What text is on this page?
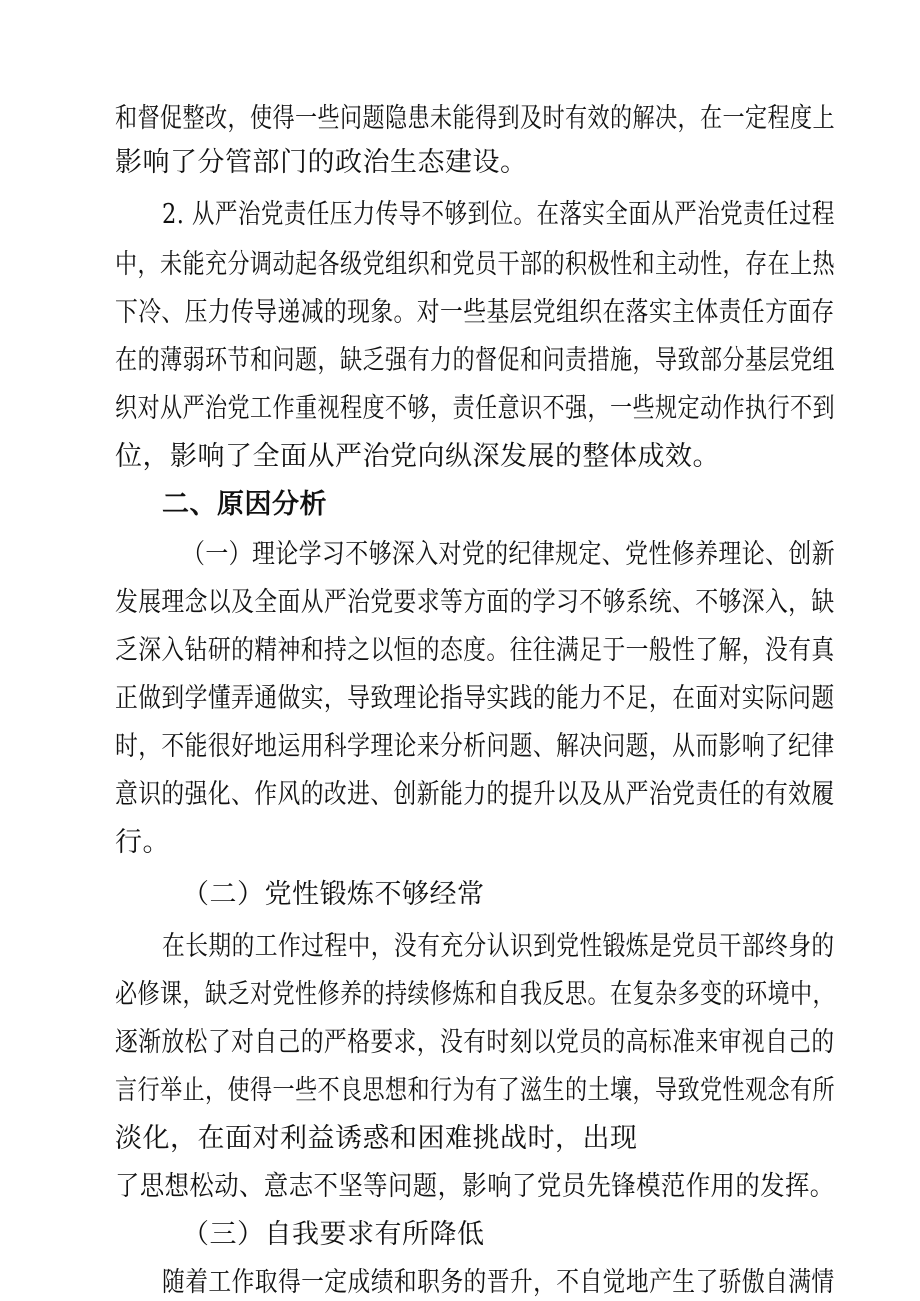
和督促整改，使得一些问题隐患未能得到及时有效的解决，在一定程度上
影响了分管部门的政治生态建设。
2. 从严治党责任压力传导不够到位。在落实全面从严治党责任过程
中，未能充分调动起各级党组织和党员干部的积极性和主动性，存在上热
下冷、压力传导递减的现象。对一些基层党组织在落实主体责任方面存
在的薄弱环节和问题，缺乏强有力的督促和问责措施，导致部分基层党组
织对从严治党工作重视程度不够，责任意识不强，一些规定动作执行不到
位，影响了全面从严治党向纵深发展的整体成效。
二、原因分析
（一）理论学习不够深入对党的纪律规定、党性修养理论、创新
发展理念以及全面从严治党要求等方面的学习不够系统、不够深入，缺
乏深入钻研的精神和持之以恒的态度。往往满足于一般性了解，没有真
正做到学懂弄通做实，导致理论指导实践的能力不足，在面对实际问题
时，不能很好地运用科学理论来分析问题、解决问题，从而影响了纪律
意识的强化、作风的改进、创新能力的提升以及从严治党责任的有效履
行。
（二）党性锻炼不够经常
在长期的工作过程中，没有充分认识到党性锻炼是党员干部终身的
必修课，缺乏对党性修养的持续修炼和自我反思。在复杂多变的环境中，
逐渐放松了对自己的严格要求，没有时刻以党员的高标准来审视自己的
言行举止，使得一些不良思想和行为有了滋生的土壤，导致党性观念有所
淡化，在面对利益诱惑和困难挑战时，出现
了思想松动、意志不坚等问题，影响了党员先锋模范作用的发挥。
（三）自我要求有所降低
随着工作取得一定成绩和职务的晋升，不自觉地产生了骄傲自满情
